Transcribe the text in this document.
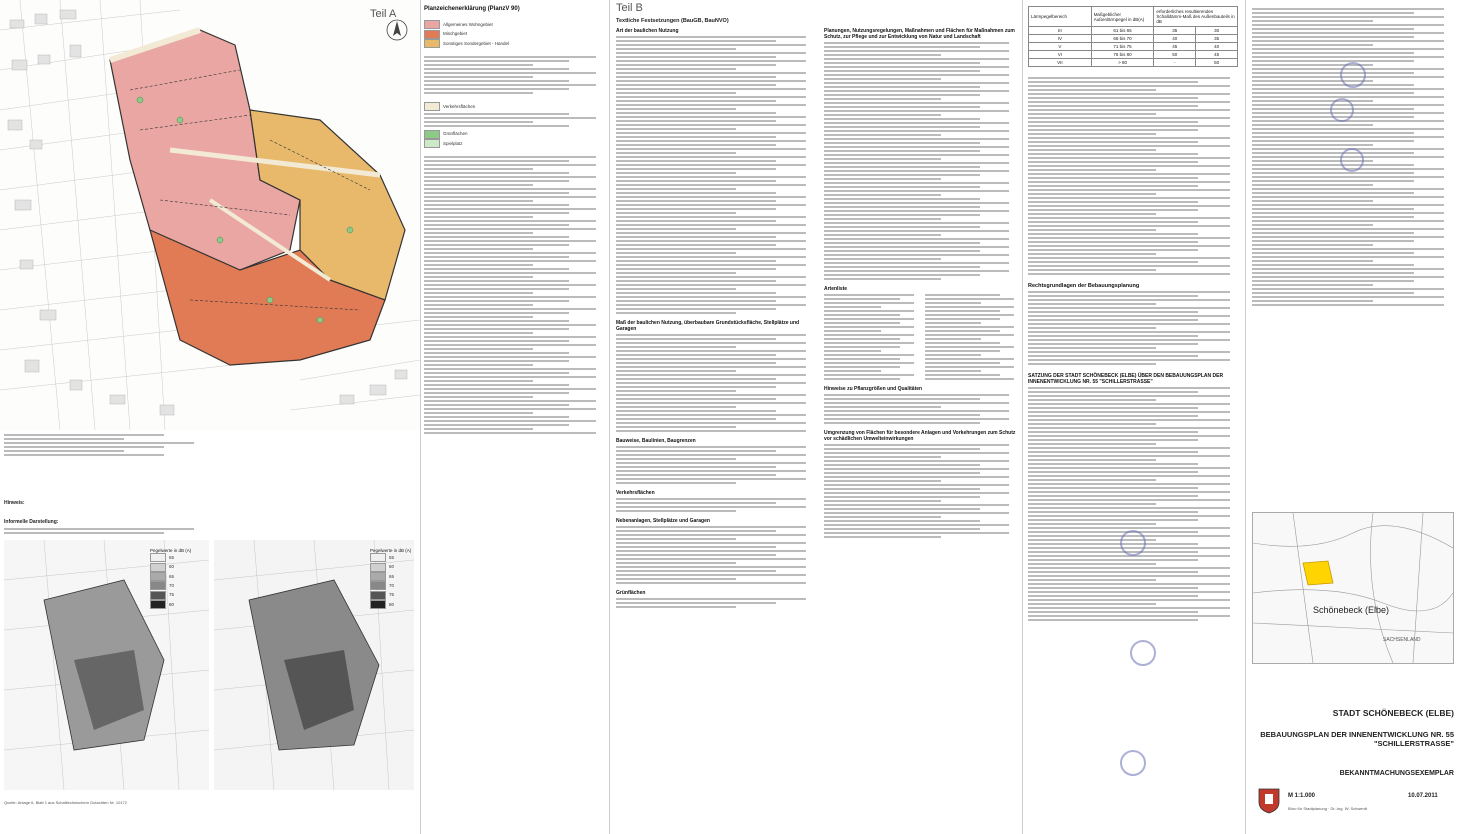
Teil A
Hinweis:
Informelle Darstellung:
Pegelwerte in dB (A)
55
60
65
70
75
80
Pegelwerte in dB (A)
55
60
65
70
75
80
Quelle: Anlage 6, Blatt 1 aus Schalltechnischem Gutachten Nr. 10172
Planzeichenerklärung (PlanzV 90)
Allgemeines Wohngebiet
Mischgebiet
Sonstiges Sondergebiet - Handel
Verkehrsflächen
Grünflächen
Spielplatz
Teil B
Textliche Festsetzungen (BauGB, BauNVO)
Art der baulichen Nutzung
Maß der baulichen Nutzung, überbaubare Grundstücksfläche, Stellplätze und Garagen
Bauweise, Baulinien, Baugrenzen
Verkehrsflächen
Nebenanlagen, Stellplätze und Garagen
Grünflächen
Planungen, Nutzungsregelungen, Maßnahmen und Flächen für Maßnahmen zum Schutz, zur Pflege und zur Entwicklung von Natur und Landschaft
Artenliste
Hinweise zu Pflanzgrößen und Qualitäten
Umgrenzung von Flächen für besondere Anlagen und Vorkehrungen zum Schutz vor schädlichen Umwelteinwirkungen
Lärmpegelbereich	Maßgeblicher Außenlärmpegel in dB(A)	erforderliches resultierendes Schalldämm-Maß des Außenbauteils in dB	
III	61 bis 65	35	30
IV	66 bis 70	40	35
V	71 bis 75	45	40
VI	76 bis 80	50	45
VII	> 80	-	50
Rechtsgrundlagen der Bebauungsplanung
SATZUNG DER STADT SCHÖNEBECK (ELBE) ÜBER DEN BEBAUUNGSPLAN DER INNENENTWICKLUNG NR. 55 "SCHILLERSTRASSE"
Schönebeck (Elbe)
SACHSENLAND
STADT SCHÖNEBECK (ELBE)
BEBAUUNGSPLAN DER INNENENTWICKLUNG NR. 55 "SCHILLERSTRASSE"
BEKANNTMACHUNGSEXEMPLAR
M 1:1.000	10.07.2011
Büro für Stadtplanung · Dr.-Ing. W. Schwerdt
